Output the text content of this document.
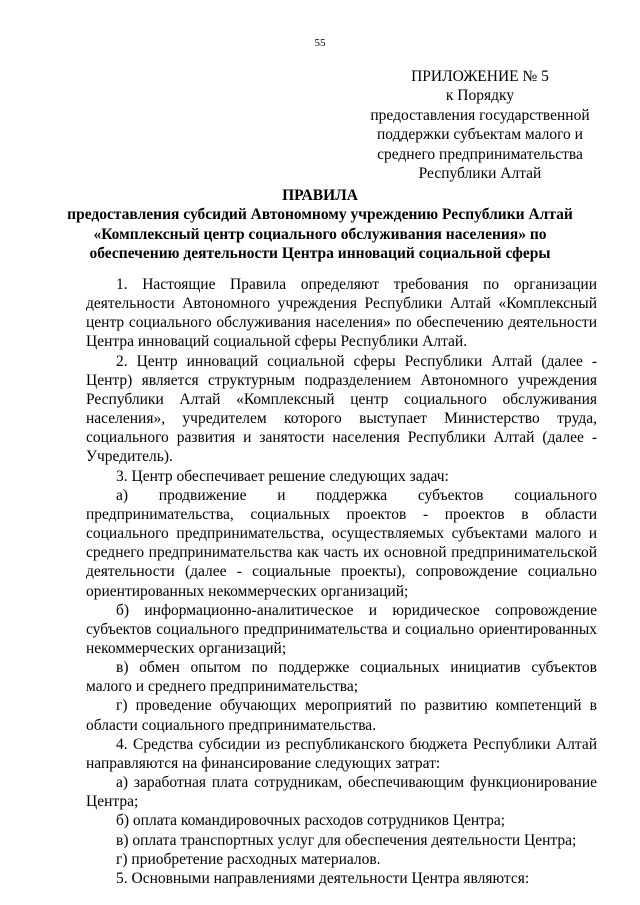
55
ПРИЛОЖЕНИЕ № 5
к Порядку
предоставления государственной
поддержки субъектам малого и
среднего предпринимательства
Республики Алтай
ПРАВИЛА
предоставления субсидий Автономному учреждению Республики Алтай
«Комплексный центр социального обслуживания населения» по
обеспечению деятельности Центра инноваций социальной сферы

1. Настоящие Правила определяют требования по организации деятельности Автономного учреждения Республики Алтай «Комплексный центр социального обслуживания населения» по обеспечению деятельности Центра инноваций социальной сферы Республики Алтай.

2. Центр инноваций социальной сферы Республики Алтай (далее - Центр) является структурным подразделением Автономного учреждения Республики Алтай «Комплексный центр социального обслуживания населения», учредителем которого выступает Министерство труда, социального развития и занятости населения Республики Алтай (далее - Учредитель).

3. Центр обеспечивает решение следующих задач:

а) продвижение и поддержка субъектов социального предпринимательства, социальных проектов - проектов в области социального предпринимательства, осуществляемых субъектами малого и среднего предпринимательства как часть их основной предпринимательской деятельности (далее - социальные проекты), сопровождение социально ориентированных некоммерческих организаций;

б) информационно-аналитическое и юридическое сопровождение субъектов социального предпринимательства и социально ориентированных некоммерческих организаций;

в) обмен опытом по поддержке социальных инициатив субъектов малого и среднего предпринимательства;

г) проведение обучающих мероприятий по развитию компетенций в области социального предпринимательства.

4. Средства субсидии из республиканского бюджета Республики Алтай направляются на финансирование следующих затрат:

а) заработная плата сотрудникам, обеспечивающим функционирование Центра;

б) оплата командировочных расходов сотрудников Центра;

в) оплата транспортных услуг для обеспечения деятельности Центра;

г) приобретение расходных материалов.

5. Основными направлениями деятельности Центра являются:
